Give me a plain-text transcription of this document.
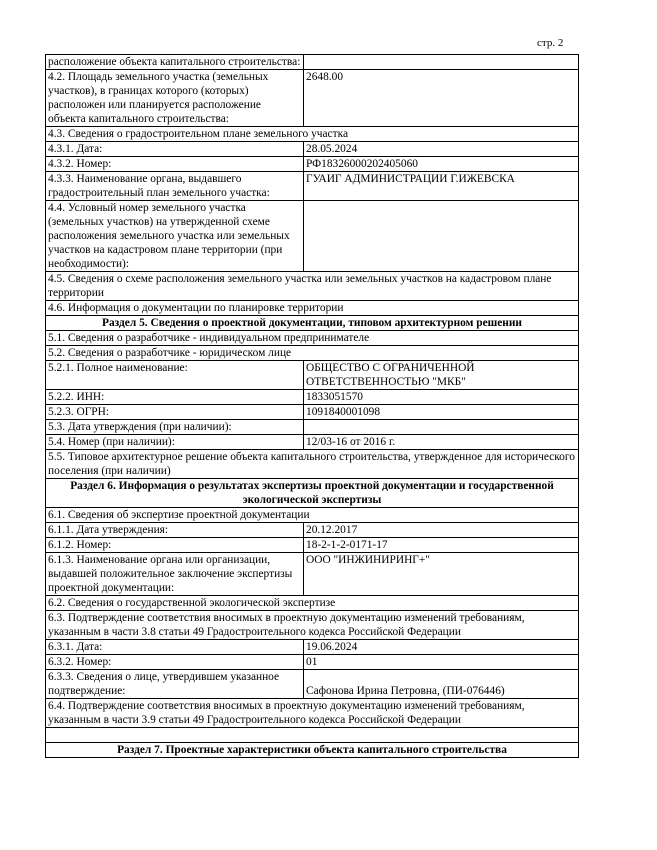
стр. 2
расположение объекта капитального строительства:	
4.2. Площадь земельного участка (земельных участков), в границах которого (которых) расположен или планируется расположение объекта капитального строительства:	2648.00
4.3. Сведения о градостроительном плане земельного участка	
4.3.1. Дата:	28.05.2024
4.3.2. Номер:	РФ18326000202405060
4.3.3. Наименование органа, выдавшего градостроительный план земельного участка:	ГУАИГ АДМИНИСТРАЦИИ Г.ИЖЕВСКА
4.4. Условный номер земельного участка (земельных участков) на утвержденной схеме расположения земельного участка или земельных участков на кадастровом плане территории (при необходимости):	
4.5. Сведения о схеме расположения земельного участка или земельных участков на кадастровом плане территории	
4.6. Информация о документации по планировке территории	
Раздел 5. Сведения о проектной документации, типовом архитектурном решении	
5.1. Сведения о разработчике - индивидуальном предпринимателе	
5.2. Сведения о разработчике - юридическом лице	
5.2.1. Полное наименование:	ОБЩЕСТВО С ОГРАНИЧЕННОЙ ОТВЕТСТВЕННОСТЬЮ "МКБ"
5.2.2. ИНН:	1833051570
5.2.3. ОГРН:	1091840001098
5.3. Дата утверждения (при наличии):	
5.4. Номер (при наличии):	12/03-16 от 2016 г.
5.5. Типовое архитектурное решение объекта капитального строительства, утвержденное для исторического поселения (при наличии)	
Раздел 6. Информация о результатах экспертизы проектной документации и государственной экологической экспертизы	
6.1. Сведения об экспертизе проектной документации	
6.1.1. Дата утверждения:	20.12.2017
6.1.2. Номер:	18-2-1-2-0171-17
6.1.3. Наименование органа или организации, выдавшей положительное заключение экспертизы проектной документации:	ООО "ИНЖИНИРИНГ+"
6.2. Сведения о государственной экологической экспертизе	
6.3. Подтверждение соответствия вносимых в проектную документацию изменений требованиям, указанным в части 3.8 статьи 49 Градостроительного кодекса Российской Федерации	
6.3.1. Дата:	19.06.2024
6.3.2. Номер:	01
6.3.3. Сведения о лице, утвердившем указанное подтверждение:	Сафонова Ирина Петровна, (ПИ-076446)
6.4. Подтверждение соответствия вносимых в проектную документацию изменений требованиям, указанным в части 3.9 статьи 49 Градостроительного кодекса Российской Федерации	

Раздел 7. Проектные характеристики объекта капитального строительства	
